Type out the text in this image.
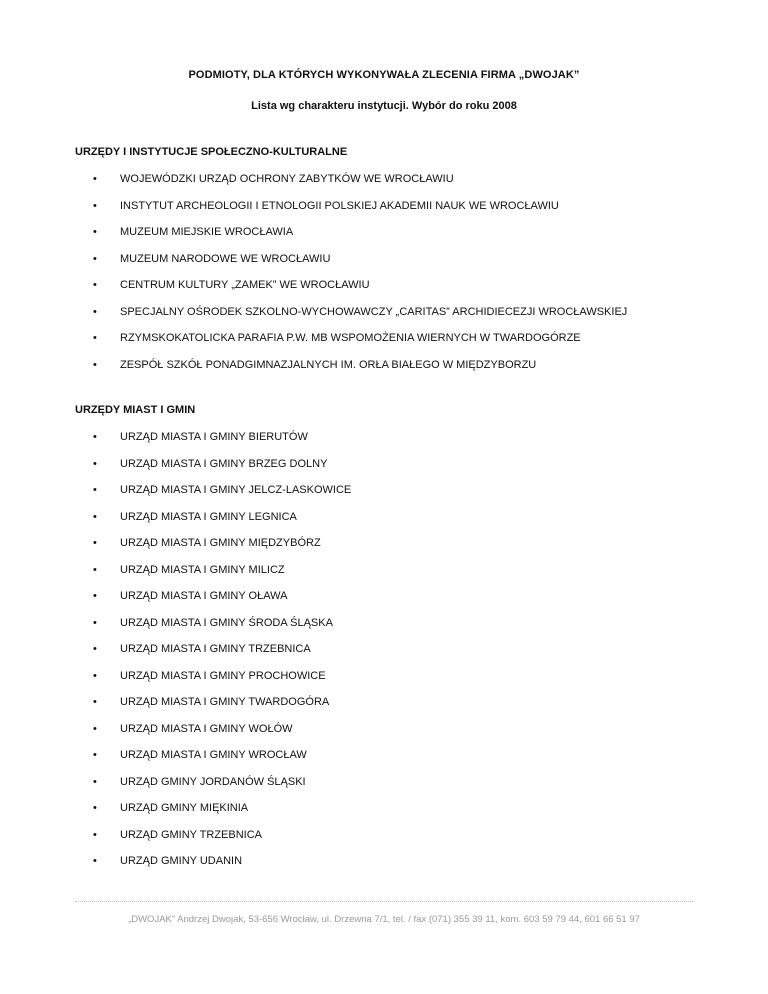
PODMIOTY, DLA KTÓRYCH WYKONYWAŁA ZLECENIA FIRMA „DWOJAK”
Lista wg charakteru instytucji. Wybór do roku 2008
URZĘDY I INSTYTUCJE SPOŁECZNO-KULTURALNE
• WOJEWÓDZKI URZĄD OCHRONY ZABYTKÓW WE WROCŁAWIU
• INSTYTUT ARCHEOLOGII I ETNOLOGII POLSKIEJ AKADEMII NAUK WE WROCŁAWIU
• MUZEUM MIEJSKIE WROCŁAWIA
• MUZEUM NARODOWE WE WROCŁAWIU
• CENTRUM KULTURY „ZAMEK” WE WROCŁAWIU
• SPECJALNY OŚRODEK SZKOLNO-WYCHOWAWCZY „CARITAS” ARCHIDIECEZJI WROCŁAWSKIEJ
• RZYMSKOKATOLICKA PARAFIA P.W. MB WSPOMOŻENIA WIERNYCH W TWARDOGÓRZE
• ZESPÓŁ SZKÓŁ PONADGIMNAZJALNYCH IM. ORŁA BIAŁEGO W MIĘDZYBORZU
URZĘDY MIAST I GMIN
• URZĄD MIASTA I GMINY BIERUTÓW
• URZĄD MIASTA I GMINY BRZEG DOLNY
• URZĄD MIASTA I GMINY JELCZ-LASKOWICE
• URZĄD MIASTA I GMINY LEGNICA
• URZĄD MIASTA I GMINY MIĘDZYBÓRZ
• URZĄD MIASTA I GMINY MILICZ
• URZĄD MIASTA I GMINY OŁAWA
• URZĄD MIASTA I GMINY ŚRODA ŚLĄSKA
• URZĄD MIASTA I GMINY TRZEBNICA
• URZĄD MIASTA I GMINY PROCHOWICE
• URZĄD MIASTA I GMINY TWARDOGÓRA
• URZĄD MIASTA I GMINY WOŁÓW
• URZĄD MIASTA I GMINY WROCŁAW
• URZĄD GMINY JORDANÓW ŚLĄSKI
• URZĄD GMINY MIĘKINIA
• URZĄD GMINY TRZEBNICA
• URZĄD GMINY UDANIN
„DWOJAK” Andrzej Dwojak, 53-656 Wrocław, ul. Drzewna 7/1, tel. / fax (071) 355 39 11, kom. 603 59 79 44, 601 66 51 97
